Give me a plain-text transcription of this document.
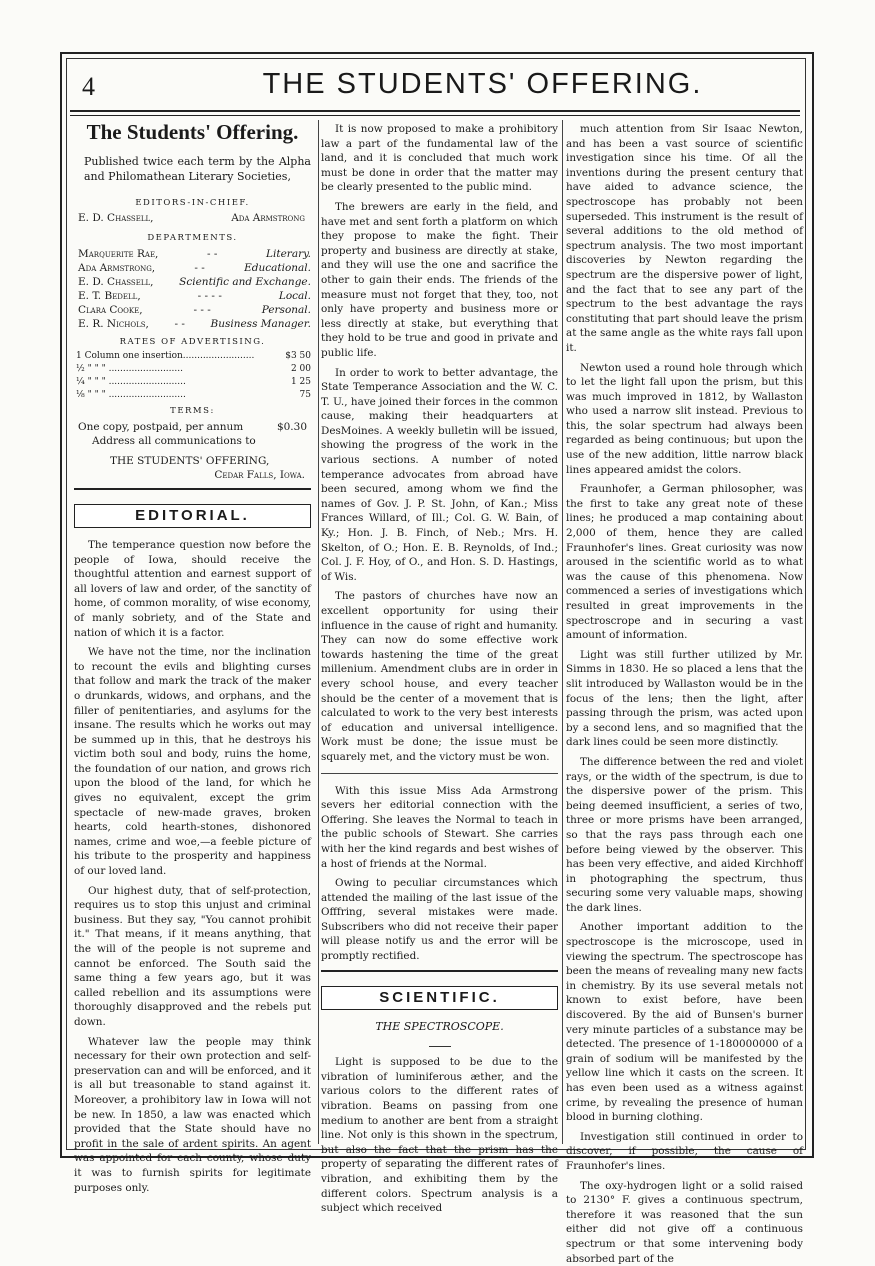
4	THE STUDENTS' OFFERING.
The Students' Offering.

Published twice each term by the Alpha and Philomathean Literary Societies,

EDITORS-IN-CHIEF.
E. D. Chassell,	Ada Armstrong
DEPARTMENTS.
Marquerite Rae,	- -	Literary.
Ada Armstrong,	- -	Educational.
E. D. Chassell, Scientific and Exchange.
E. T. Bedell,	- - - -	Local.
Clara Cooke,	- - -	Personal.
E. R. Nichols, - - Business Manager.
RATES OF ADVERTISING.
1 Column one insertion.........................	$3 50
½ " " " ..........................	2 00
¼ " " " ...........................	1 25
⅛ " " " ...........................	75
TERMS:
One copy, postpaid, per annum	$0.30
Address all communications to
THE STUDENTS' OFFERING,
Cedar Falls, Iowa.
EDITORIAL.

The temperance question now before the people of Iowa, should receive the thoughtful attention and earnest support of all lovers of law and order, of the sanctity of home, of common morality, of wise economy, of manly sobriety, and of the State and nation of which it is a factor.

We have not the time, nor the inclination to recount the evils and blighting curses that follow and mark the track of the maker o drunkards, widows, and orphans, and the filler of penitentiaries, and asylums for the insane. The results which he works out may be summed up in this, that he destroys his victim both soul and body, ruins the home, the foundation of our nation, and grows rich upon the blood of the land, for which he gives no equivalent, except the grim spectacle of new-made graves, broken hearts, cold hearth-stones, dishonored names, crime and woe,—a feeble picture of his tribute to the prosperity and happiness of our loved land.

Our highest duty, that of self-protection, requires us to stop this unjust and criminal business. But they say, "You cannot prohibit it." That means, if it means anything, that the will of the people is not supreme and cannot be enforced. The South said the same thing a few years ago, but it was called rebellion and its assumptions were thoroughly disapproved and the rebels put down.

Whatever law the people may think necessary for their own protection and self-preservation can and will be enforced, and it is all but treasonable to stand against it. Moreover, a prohibitory law in Iowa will not be new. In 1850, a law was enacted which provided that the State should have no profit in the sale of ardent spirits. An agent was appointed for each county, whose duty it was to furnish spirits for legitimate purposes only.

It is now proposed to make a prohibitory law a part of the fundamental law of the land, and it is concluded that much work must be done in order that the matter may be clearly presented to the public mind.

The brewers are early in the field, and have met and sent forth a platform on which they propose to make the fight. Their property and business are directly at stake, and they will use the one and sacrifice the other to gain their ends. The friends of the measure must not forget that they, too, not only have property and business more or less directly at stake, but everything that they hold to be true and good in private and public life.

In order to work to better advantage, the State Temperance Association and the W. C. T. U., have joined their forces in the common cause, making their headquarters at DesMoines. A weekly bulletin will be issued, showing the progress of the work in the various sections. A number of noted temperance advocates from abroad have been secured, among whom we find the names of Gov. J. P. St. John, of Kan.; Miss Frances Willard, of Ill.; Col. G. W. Bain, of Ky.; Hon. J. B. Finch, of Neb.; Mrs. H. Skelton, of O.; Hon. E. B. Reynolds, of Ind.; Col. J. F. Hoy, of O., and Hon. S. D. Hastings, of Wis.

The pastors of churches have now an excellent opportunity for using their influence in the cause of right and humanity. They can now do some effective work towards hastening the time of the great millenium. Amendment clubs are in order in every school house, and every teacher should be the center of a movement that is calculated to work to the very best interests of education and universal intelligence. Work must be done; the issue must be squarely met, and the victory must be won.

With this issue Miss Ada Armstrong severs her editorial connection with the Offering. She leaves the Normal to teach in the public schools of Stewart. She carries with her the kind regards and best wishes of a host of friends at the Normal.

Owing to peculiar circumstances which attended the mailing of the last issue of the Offfring, several mistakes were made. Subscribers who did not receive their paper will please notify us and the error will be promptly rectified.

SCIENTIFIC.
THE SPECTROSCOPE.

Light is supposed to be due to the vibration of luminiferous æther, and the various colors to the different rates of vibration. Beams on passing from one medium to another are bent from a straight line. Not only is this shown in the spectrum, but also the fact that the prism has the property of separating the different rates of vibration, and exhibiting them by the different colors. Spectrum analysis is a subject which received

much attention from Sir Isaac Newton, and has been a vast source of scientific investigation since his time. Of all the inventions during the present century that have aided to advance science, the spectroscope has probably not been superseded. This instrument is the result of several additions to the old method of spectrum analysis. The two most important discoveries by Newton regarding the spectrum are the dispersive power of light, and the fact that to see any part of the spectrum to the best advantage the rays constituting that part should leave the prism at the same angle as the white rays fall upon it.

Newton used a round hole through which to let the light fall upon the prism, but this was much improved in 1812, by Wallaston who used a narrow slit instead. Previous to this, the solar spectrum had always been regarded as being continuous; but upon the use of the new addition, little narrow black lines appeared amidst the colors.

Fraunhofer, a German philosopher, was the first to take any great note of these lines; he produced a map containing about 2,000 of them, hence they are called Fraunhofer's lines. Great curiosity was now aroused in the scientific world as to what was the cause of this phenomena. Now commenced a series of investigations which resulted in great improvements in the spectroscrope and in securing a vast amount of information.

Light was still further utilized by Mr. Simms in 1830. He so placed a lens that the slit introduced by Wallaston would be in the focus of the lens; then the light, after passing through the prism, was acted upon by a second lens, and so magnified that the dark lines could be seen more distinctly.

The difference between the red and violet rays, or the width of the spectrum, is due to the dispersive power of the prism. This being deemed insufficient, a series of two, three or more prisms have been arranged, so that the rays pass through each one before being viewed by the observer. This has been very effective, and aided Kirchhoff in photographing the spectrum, thus securing some very valuable maps, showing the dark lines.

Another important addition to the spectroscope is the microscope, used in viewing the spectrum. The spectroscope has been the means of revealing many new facts in chemistry. By its use several metals not known to exist before, have been discovered. By the aid of Bunsen's burner very minute particles of a substance may be detected. The presence of 1-180000000 of a grain of sodium will be manifested by the yellow line which it casts on the screen. It has even been used as a witness against crime, by revealing the presence of human blood in burning clothing.

Investigation still continued in order to discover, if possible, the cause of Fraunhofer's lines.

The oxy-hydrogen light or a solid raised to 2130° F. gives a continuous spectrum, therefore it was reasoned that the sun either did not give off a continuous spectrum or that some intervening body absorbed part of the
